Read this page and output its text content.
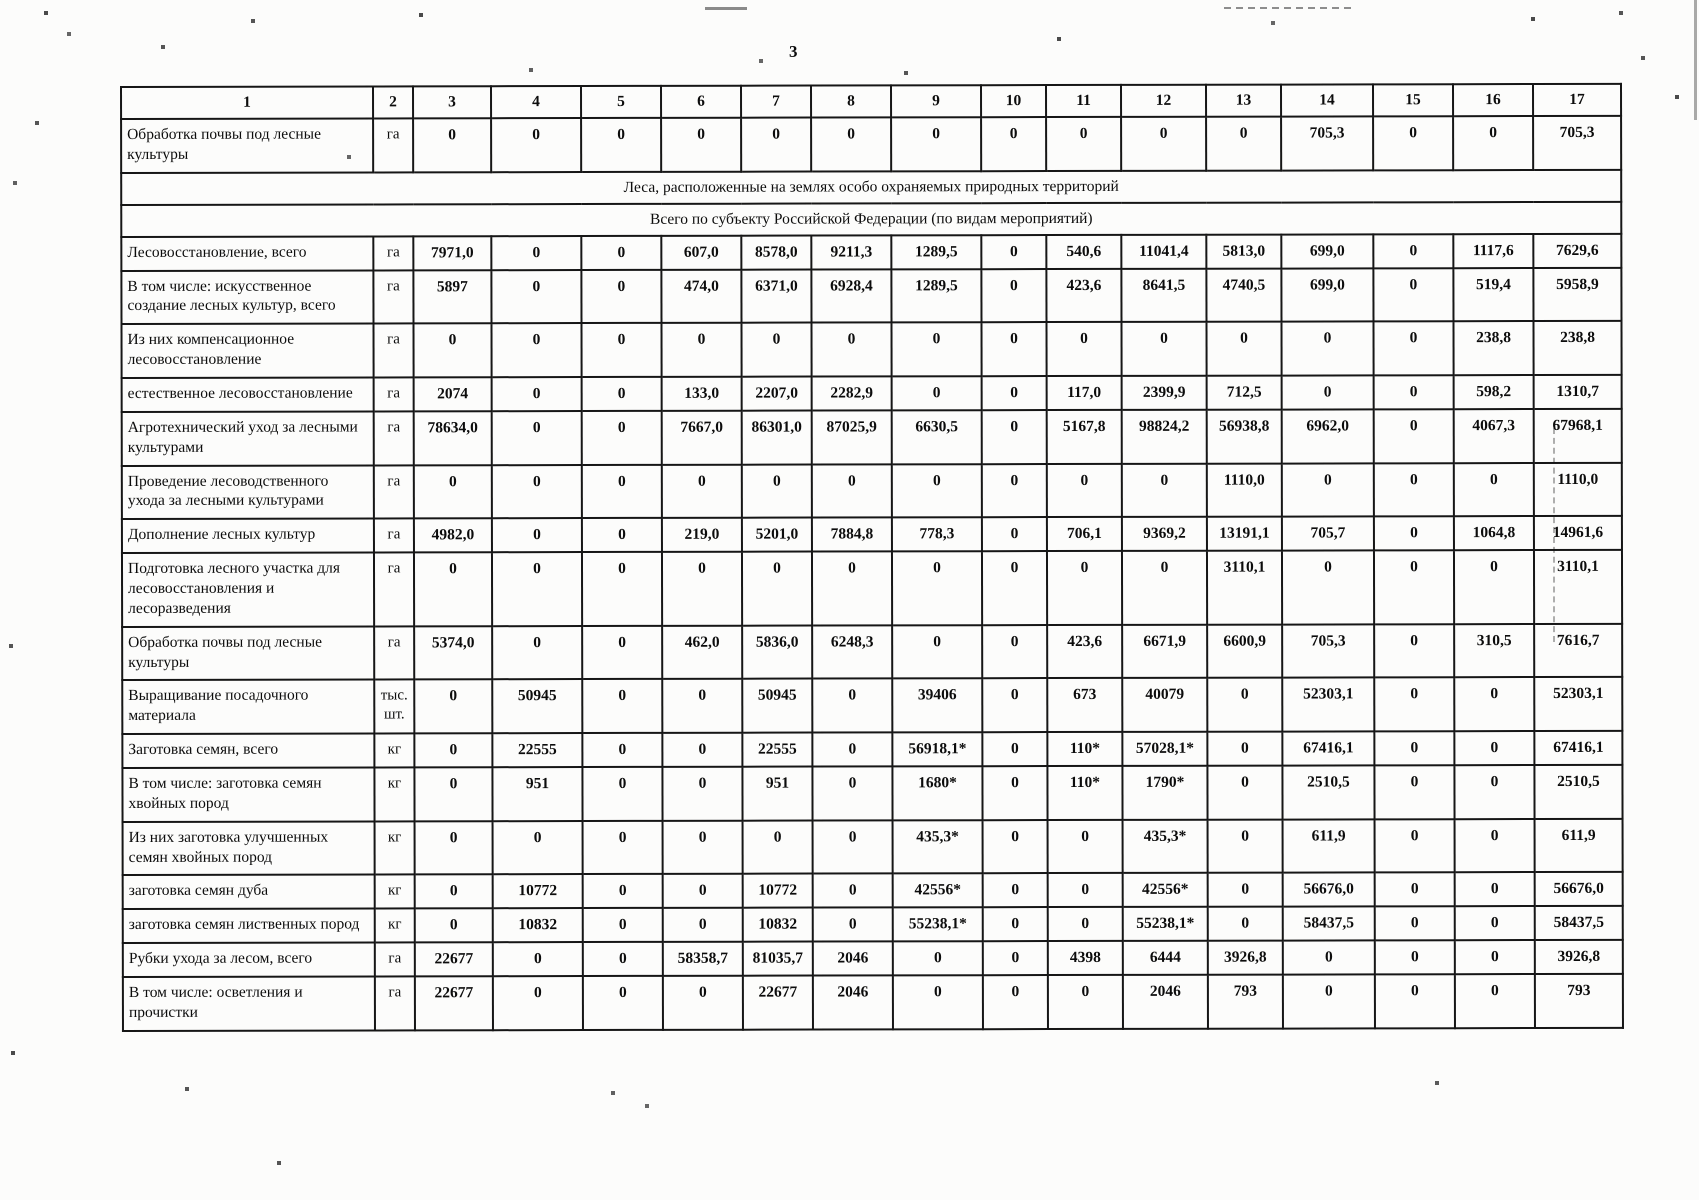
3
1	2	3	4	5	6	7	8	9	10	11	12	13	14	15	16	17
Обработка почвы под лесные культуры	га	0	0	0	0	0	0	0	0	0	0	0	705,3	0	0	705,3
Леса, расположенные на землях особо охраняемых природных территорий																
Всего по субъекту Российской Федерации (по видам мероприятий)																
Лесовосстановление, всего	га	7971,0	0	0	607,0	8578,0	9211,3	1289,5	0	540,6	11041,4	5813,0	699,0	0	1117,6	7629,6
В том числе: искусственное создание лесных культур, всего	га	5897	0	0	474,0	6371,0	6928,4	1289,5	0	423,6	8641,5	4740,5	699,0	0	519,4	5958,9
Из них компенсационное лесовосстановление	га	0	0	0	0	0	0	0	0	0	0	0	0	0	238,8	238,8
естественное лесовосстановление	га	2074	0	0	133,0	2207,0	2282,9	0	0	117,0	2399,9	712,5	0	0	598,2	1310,7
Агротехнический уход за лесными культурами	га	78634,0	0	0	7667,0	86301,0	87025,9	6630,5	0	5167,8	98824,2	56938,8	6962,0	0	4067,3	67968,1
Проведение лесоводственного ухода за лесными культурами	га	0	0	0	0	0	0	0	0	0	0	1110,0	0	0	0	1110,0
Дополнение лесных культур	га	4982,0	0	0	219,0	5201,0	7884,8	778,3	0	706,1	9369,2	13191,1	705,7	0	1064,8	14961,6
Подготовка лесного участка для лесовосстановления и лесоразведения	га	0	0	0	0	0	0	0	0	0	0	3110,1	0	0	0	3110,1
Обработка почвы под лесные культуры	га	5374,0	0	0	462,0	5836,0	6248,3	0	0	423,6	6671,9	6600,9	705,3	0	310,5	7616,7
Выращивание посадочного материала	тыс. шт.	0	50945	0	0	50945	0	39406	0	673	40079	0	52303,1	0	0	52303,1
Заготовка семян, всего	кг	0	22555	0	0	22555	0	56918,1*	0	110*	57028,1*	0	67416,1	0	0	67416,1
В том числе: заготовка семян хвойных пород	кг	0	951	0	0	951	0	1680*	0	110*	1790*	0	2510,5	0	0	2510,5
Из них заготовка улучшенных семян хвойных пород	кг	0	0	0	0	0	0	435,3*	0	0	435,3*	0	611,9	0	0	611,9
заготовка семян дуба	кг	0	10772	0	0	10772	0	42556*	0	0	42556*	0	56676,0	0	0	56676,0
заготовка семян лиственных пород	кг	0	10832	0	0	10832	0	55238,1*	0	0	55238,1*	0	58437,5	0	0	58437,5
Рубки ухода за лесом, всего	га	22677	0	0	58358,7	81035,7	2046	0	0	4398	6444	3926,8	0	0	0	3926,8
В том числе: осветления и прочистки	га	22677	0	0	0	22677	2046	0	0	0	2046	793	0	0	0	793
